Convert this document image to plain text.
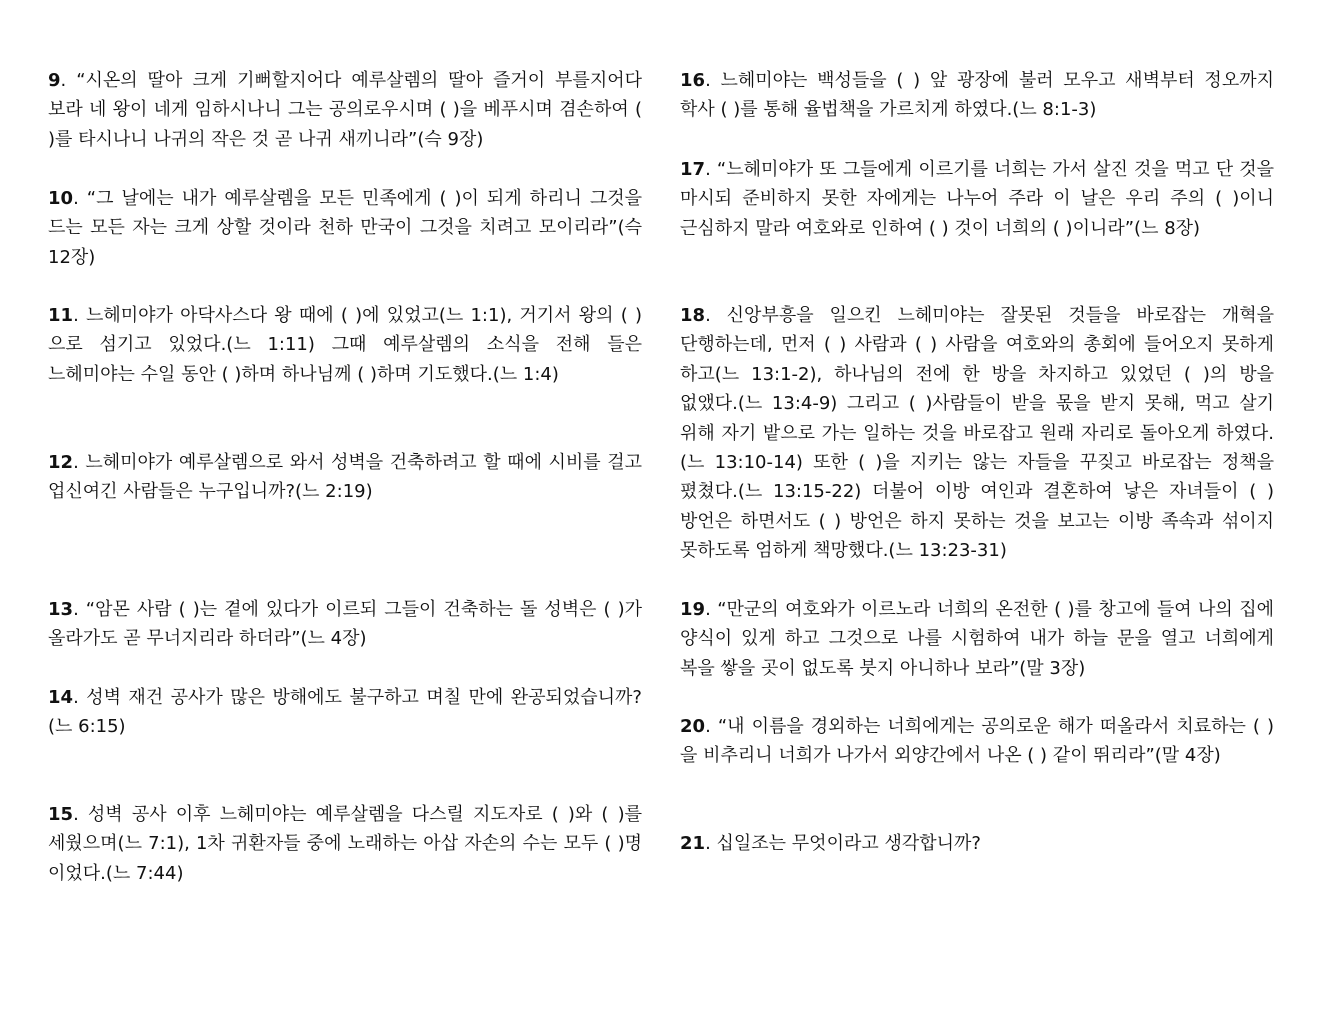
9. “시온의 딸아 크게 기뻐할지어다 예루살렘의 딸아 즐거이 부를지어다 보라 네 왕이 네게 임하시나니 그는 공의로우시며 ( )을 베푸시며 겸손하여 ( )를 타시나니 나귀의 작은 것 곧 나귀 새끼니라”(슥 9장)

10. “그 날에는 내가 예루살렘을 모든 민족에게 ( )이 되게 하리니 그것을 드는 모든 자는 크게 상할 것이라 천하 만국이 그것을 치려고 모이리라”(슥 12장)

11. 느헤미야가 아닥사스다 왕 때에 ( )에 있었고(느 1:1), 거기서 왕의 ( )으로 섬기고 있었다.(느 1:11) 그때 예루살렘의 소식을 전해 들은 느헤미야는 수일 동안 ( )하며 하나님께 ( )하며 기도했다.(느 1:4)

12. 느헤미야가 예루살렘으로 와서 성벽을 건축하려고 할 때에 시비를 걸고 업신여긴 사람들은 누구입니까?(느 2:19)

13. “암몬 사람 ( )는 곁에 있다가 이르되 그들이 건축하는 돌 성벽은 ( )가 올라가도 곧 무너지리라 하더라”(느 4장)

14. 성벽 재건 공사가 많은 방해에도 불구하고 며칠 만에 완공되었습니까?(느 6:15)

15. 성벽 공사 이후 느헤미야는 예루살렘을 다스릴 지도자로 ( )와 ( )를 세웠으며(느 7:1), 1차 귀환자들 중에 노래하는 아삽 자손의 수는 모두 ( )명 이었다.(느 7:44)

16. 느헤미야는 백성들을 ( ) 앞 광장에 불러 모우고 새벽부터 정오까지 학사 ( )를 통해 율법책을 가르치게 하였다.(느 8:1-3)

17. “느헤미야가 또 그들에게 이르기를 너희는 가서 살진 것을 먹고 단 것을 마시되 준비하지 못한 자에게는 나누어 주라 이 날은 우리 주의 ( )이니 근심하지 말라 여호와로 인하여 ( ) 것이 너희의 ( )이니라”(느 8장)

18. 신앙부흥을 일으킨 느헤미야는 잘못된 것들을 바로잡는 개혁을 단행하는데, 먼저 ( ) 사람과 ( ) 사람을 여호와의 총회에 들어오지 못하게 하고(느 13:1-2), 하나님의 전에 한 방을 차지하고 있었던 ( )의 방을 없앴다.(느 13:4-9) 그리고 ( )사람들이 받을 몫을 받지 못해, 먹고 살기 위해 자기 밭으로 가는 일하는 것을 바로잡고 원래 자리로 돌아오게 하였다.(느 13:10-14) 또한 ( )을 지키는 않는 자들을 꾸짖고 바로잡는 정책을 폈쳤다.(느 13:15-22) 더불어 이방 여인과 결혼하여 낳은 자녀들이 ( ) 방언은 하면서도 ( ) 방언은 하지 못하는 것을 보고는 이방 족속과 섞이지 못하도록 엄하게 책망했다.(느 13:23-31)

19. “만군의 여호와가 이르노라 너희의 온전한 ( )를 창고에 들여 나의 집에 양식이 있게 하고 그것으로 나를 시험하여 내가 하늘 문을 열고 너희에게 복을 쌓을 곳이 없도록 붓지 아니하나 보라”(말 3장)

20. “내 이름을 경외하는 너희에게는 공의로운 해가 떠올라서 치료하는 ( )을 비추리니 너희가 나가서 외양간에서 나온 ( ) 같이 뛰리라”(말 4장)

21. 십일조는 무엇이라고 생각합니까?
